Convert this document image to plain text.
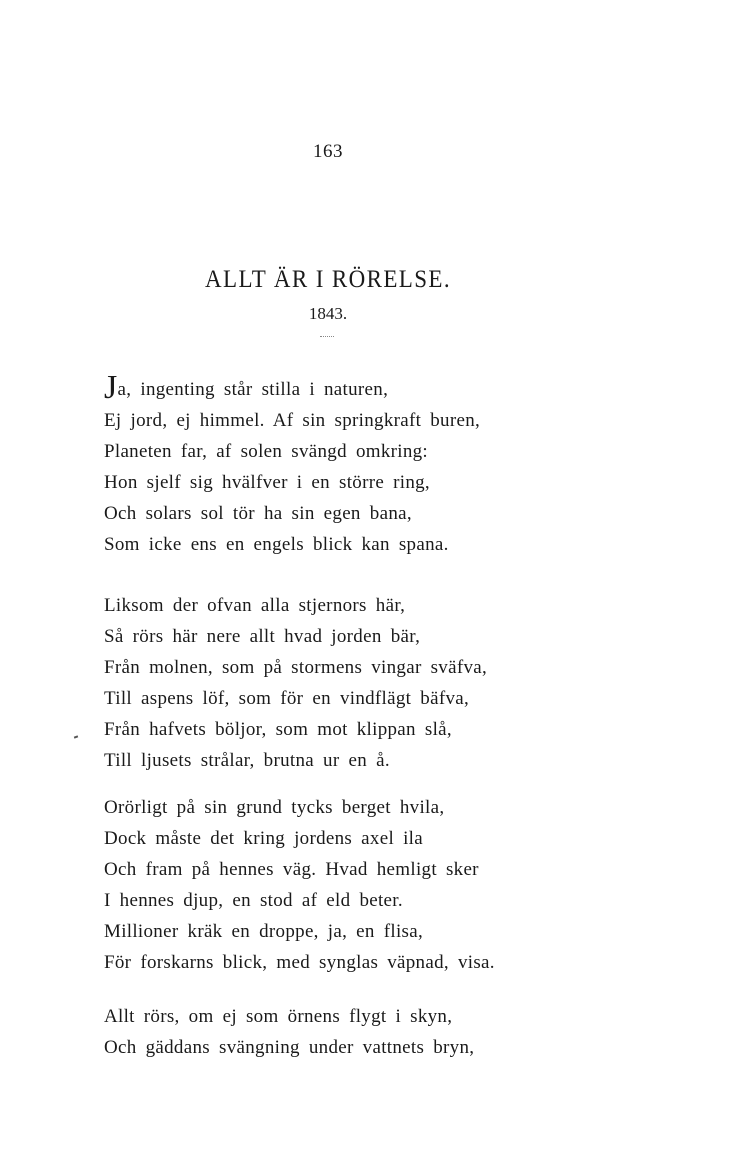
163
ALLT ÄR I RÖRELSE.
1843.
Ja, ingenting står stilla i naturen,
Ej jord, ej himmel. Af sin springkraft buren,
Planeten far, af solen svängd omkring:
Hon sjelf sig hvälfver i en större ring,
Och solars sol tör ha sin egen bana,
Som icke ens en engels blick kan spana.
Liksom der ofvan alla stjernors här,
Så rörs här nere allt hvad jorden bär,
Från molnen, som på stormens vingar sväfva,
Till aspens löf, som för en vindflägt bäfva,
Från hafvets böljor, som mot klippan slå,
Till ljusets strålar, brutna ur en å.
Orörligt på sin grund tycks berget hvila,
Dock måste det kring jordens axel ila
Och fram på hennes väg. Hvad hemligt sker
I hennes djup, en stod af eld beter.
Millioner kräk en droppe, ja, en flisa,
För forskarns blick, med synglas väpnad, visa.
Allt rörs, om ej som örnens flygt i skyn,
Och gäddans svängning under vattnets bryn,
